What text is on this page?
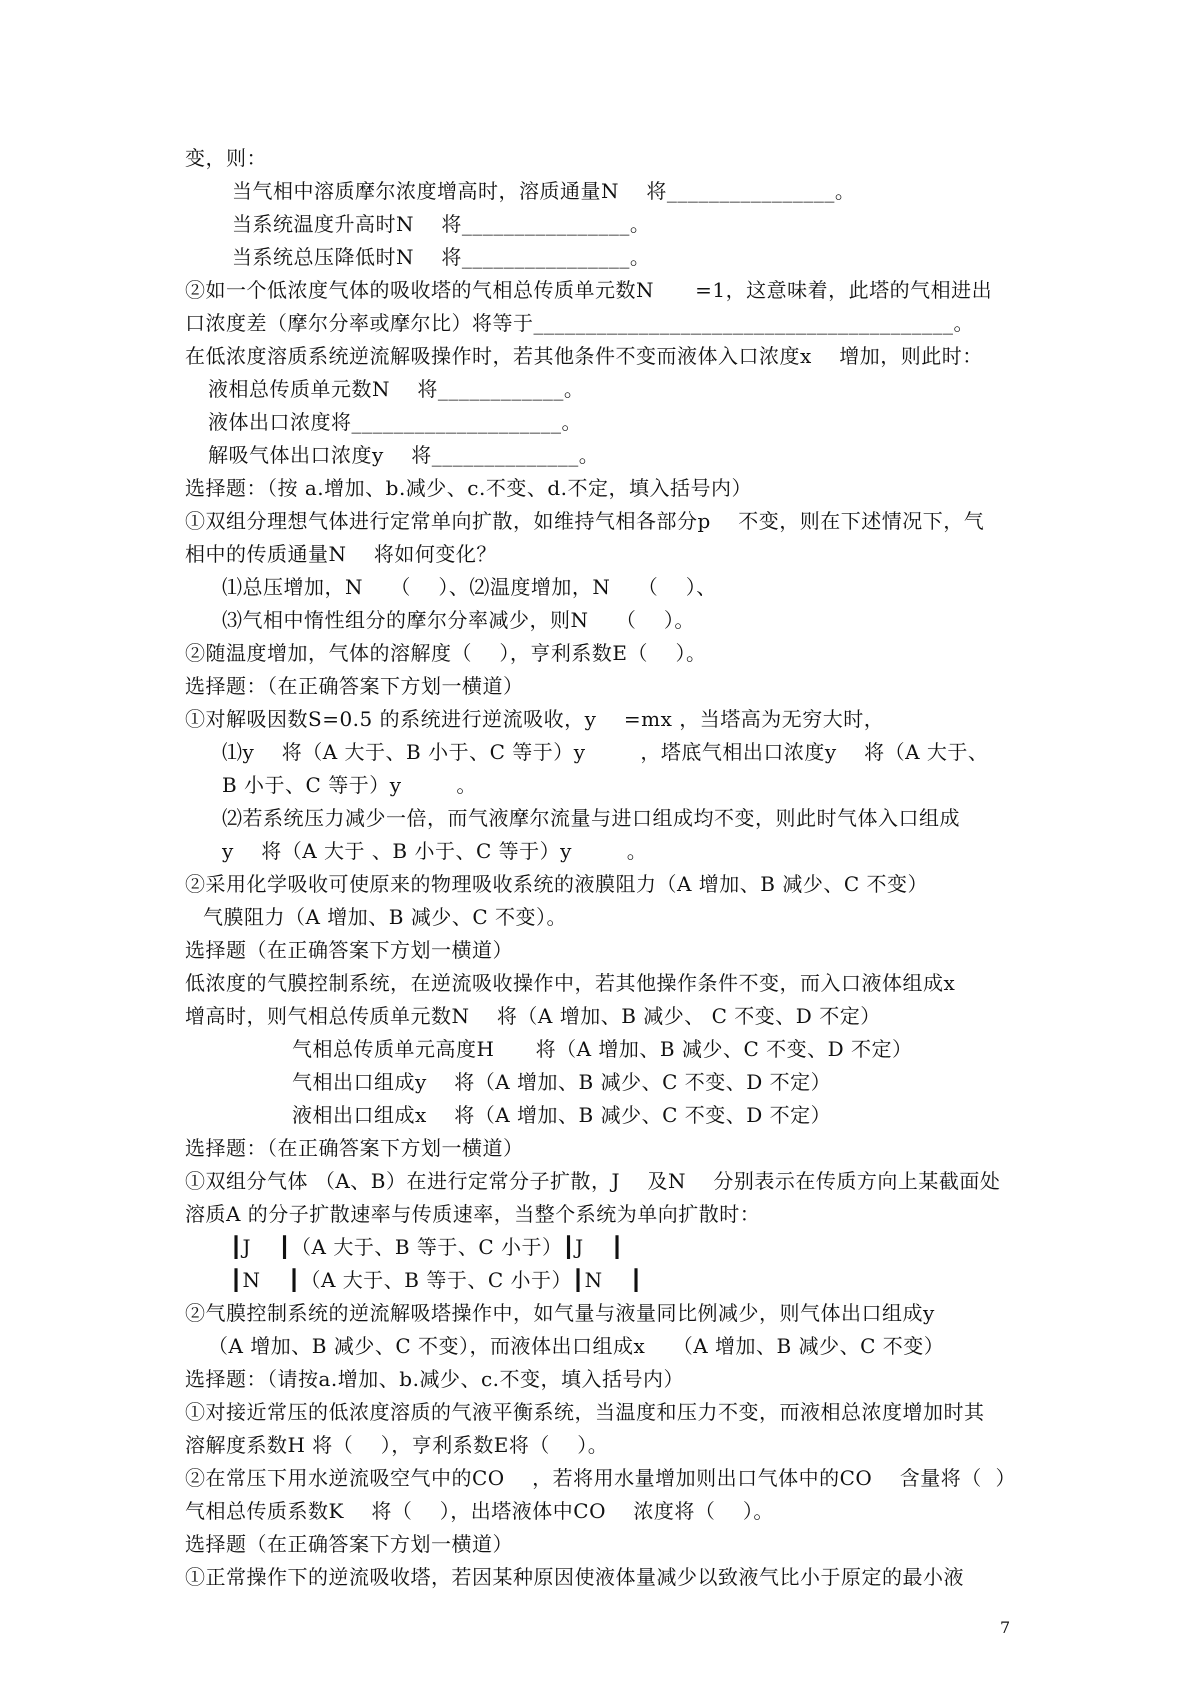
变，则：
当气相中溶质摩尔浓度增高时，溶质通量N    将________________。
当系统温度升高时N    将________________。
当系统总压降低时N    将________________。
②如一个低浓度气体的吸收塔的气相总传质单元数N      =1，这意味着，此塔的气相进出
口浓度差（摩尔分率或摩尔比）将等于________________________________________。
在低浓度溶质系统逆流解吸操作时，若其他条件不变而液体入口浓度x    增加，则此时：
液相总传质单元数N    将____________。
液体出口浓度将____________________。
解吸气体出口浓度y    将______________。
选择题：（按 a.增加、b.减少、c.不变、d.不定，填入括号内）
①双组分理想气体进行定常单向扩散，如维持气相各部分p    不变，则在下述情况下，气
相中的传质通量N    将如何变化？
⑴总压增加，N    （    ）、⑵温度增加，N    （    ）、
⑶气相中惰性组分的摩尔分率减少，则N    （    ）。
②随温度增加，气体的溶解度（    ），亨利系数E（    ）。
选择题：（在正确答案下方划一横道）
①对解吸因数S=0.5 的系统进行逆流吸收，y    =mx ，当塔高为无穷大时，
⑴y    将（A 大于、B 小于、C 等于）y        ，塔底气相出口浓度y    将（A 大于、
B 小于、C 等于）y        。
⑵若系统压力减少一倍，而气液摩尔流量与进口组成均不变，则此时气体入口组成
y    将（A 大于 、B 小于、C 等于）y        。
②采用化学吸收可使原来的物理吸收系统的液膜阻力（A 增加、B 减少、C 不变）
气膜阻力（A 增加、B 减少、C 不变）。
选择题（在正确答案下方划一横道）
低浓度的气膜控制系统，在逆流吸收操作中，若其他操作条件不变，而入口液体组成x
增高时，则气相总传质单元数N    将（A 增加、B 减少、 C 不变、D 不定）
气相总传质单元高度H      将（A 增加、B 减少、C 不变、D 不定）
气相出口组成y    将（A 增加、B 减少、C 不变、D 不定）
液相出口组成x    将（A 增加、B 减少、C 不变、D 不定）
选择题：（在正确答案下方划一横道）
①双组分气体 （A、B）在进行定常分子扩散，J    及N    分别表示在传质方向上某截面处
溶质A 的分子扩散速率与传质速率，当整个系统为单向扩散时：
┃J    ┃（A 大于、B 等于、C 小于）┃J    ┃
┃N    ┃（A 大于、B 等于、C 小于）┃N    ┃
②气膜控制系统的逆流解吸塔操作中，如气量与液量同比例减少，则气体出口组成y
（A 增加、B 减少、C 不变），而液体出口组成x    （A 增加、B 减少、C 不变）
选择题：（请按a.增加、b.减少、c.不变，填入括号内）
①对接近常压的低浓度溶质的气液平衡系统，当温度和压力不变，而液相总浓度增加时其
溶解度系数H 将（    ），亨利系数E将（    ）。
②在常压下用水逆流吸空气中的CO    ，若将用水量增加则出口气体中的CO    含量将（  ）
气相总传质系数K    将（    ），出塔液体中CO    浓度将（    ）。
选择题（在正确答案下方划一横道）
①正常操作下的逆流吸收塔，若因某种原因使液体量减少以致液气比小于原定的最小液
7
